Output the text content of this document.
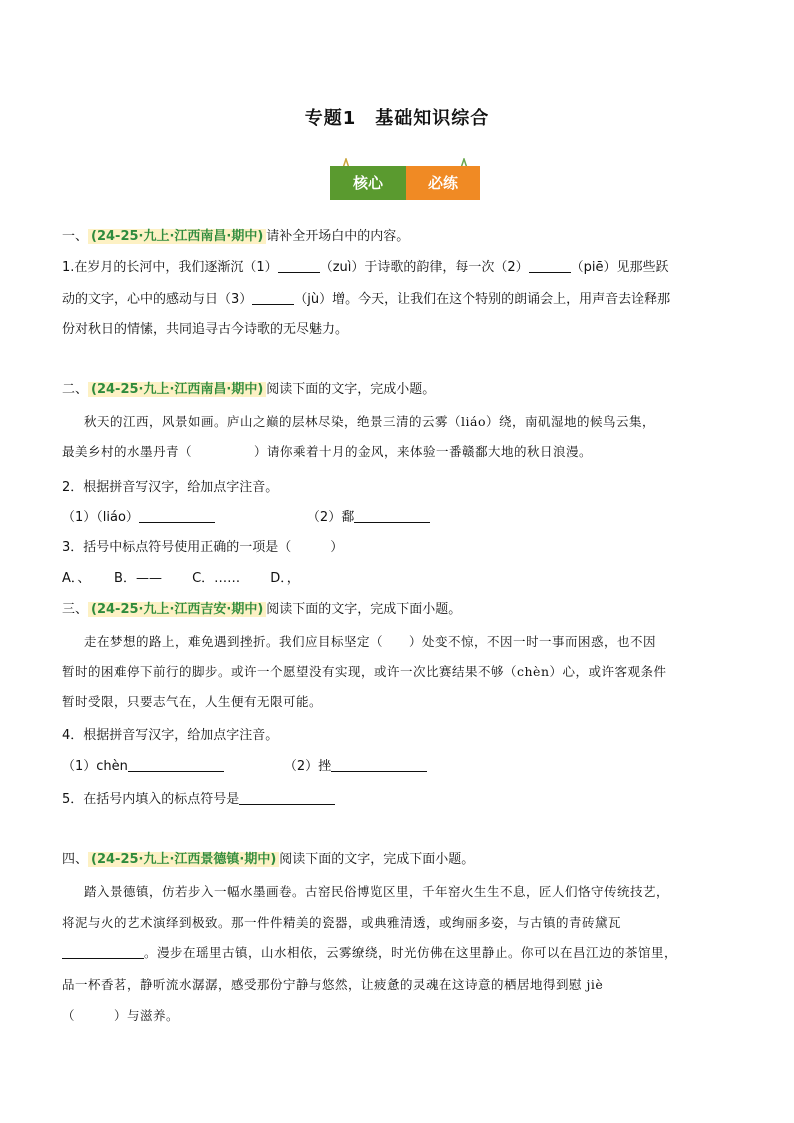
专题1　基础知识综合
核心	必练
一、 (24-25·九上·江西南昌·期中) 请补全开场白中的内容。
1.在岁月的长河中，我们逐渐沉（1）	（zuì）于诗歌的韵律，每一次（2）	（piē）见那些跃
动的文字，心中的感动与日（3）	（jù）增。今天，让我们在这个特别的朗诵会上，用声音去诠释那
份对秋日的情愫，共同追寻古今诗歌的无尽魅力。
二、 (24-25·九上·江西南昌·期中) 阅读下面的文字，完成小题。
秋天的江西，风景如画。庐山之巅的层林尽染，绝景三清的云雾（liáo）绕，南矶湿地的候鸟云集，
最美乡村的水墨丹青（	）请你乘着十月的金风，来体验一番赣鄱大地的秋日浪漫。
2．根据拼音写汉字，给加点字注音。
（1）（liáo）	（2）鄱
3．括号中标点符号使用正确的一项是（　　　）
A．、　　 B．——　　 C．……　　 D．，
三、 (24-25·九上·江西吉安·期中) 阅读下面的文字，完成下面小题。
走在梦想的路上，难免遇到挫折。我们应目标坚定（　　）处变不惊，不因一时一事而困惑，也不因
暂时的困难停下前行的脚步。或许一个愿望没有实现，或许一次比赛结果不够（chèn）心，或许客观条件
暂时受限，只要志气在，人生便有无限可能。
4．根据拼音写汉字，给加点字注音。
（1）chèn	（2）挫
5．在括号内填入的标点符号是
四、 (24-25·九上·江西景德镇·期中) 阅读下面的文字，完成下面小题。
踏入景德镇，仿若步入一幅水墨画卷。古窑民俗博览区里，千年窑火生生不息，匠人们恪守传统技艺，
将泥与火的艺术演绎到极致。那一件件精美的瓷器，或典雅清透，或绚丽多姿，与古镇的青砖黛瓦
。漫步在瑶里古镇，山水相依，云雾缭绕，时光仿佛在这里静止。你可以在昌江边的茶馆里，
品一杯香茗，静听流水潺潺，感受那份宁静与悠然，让疲惫的灵魂在这诗意的栖居地得到慰 jiè
（　　　）与滋养。
